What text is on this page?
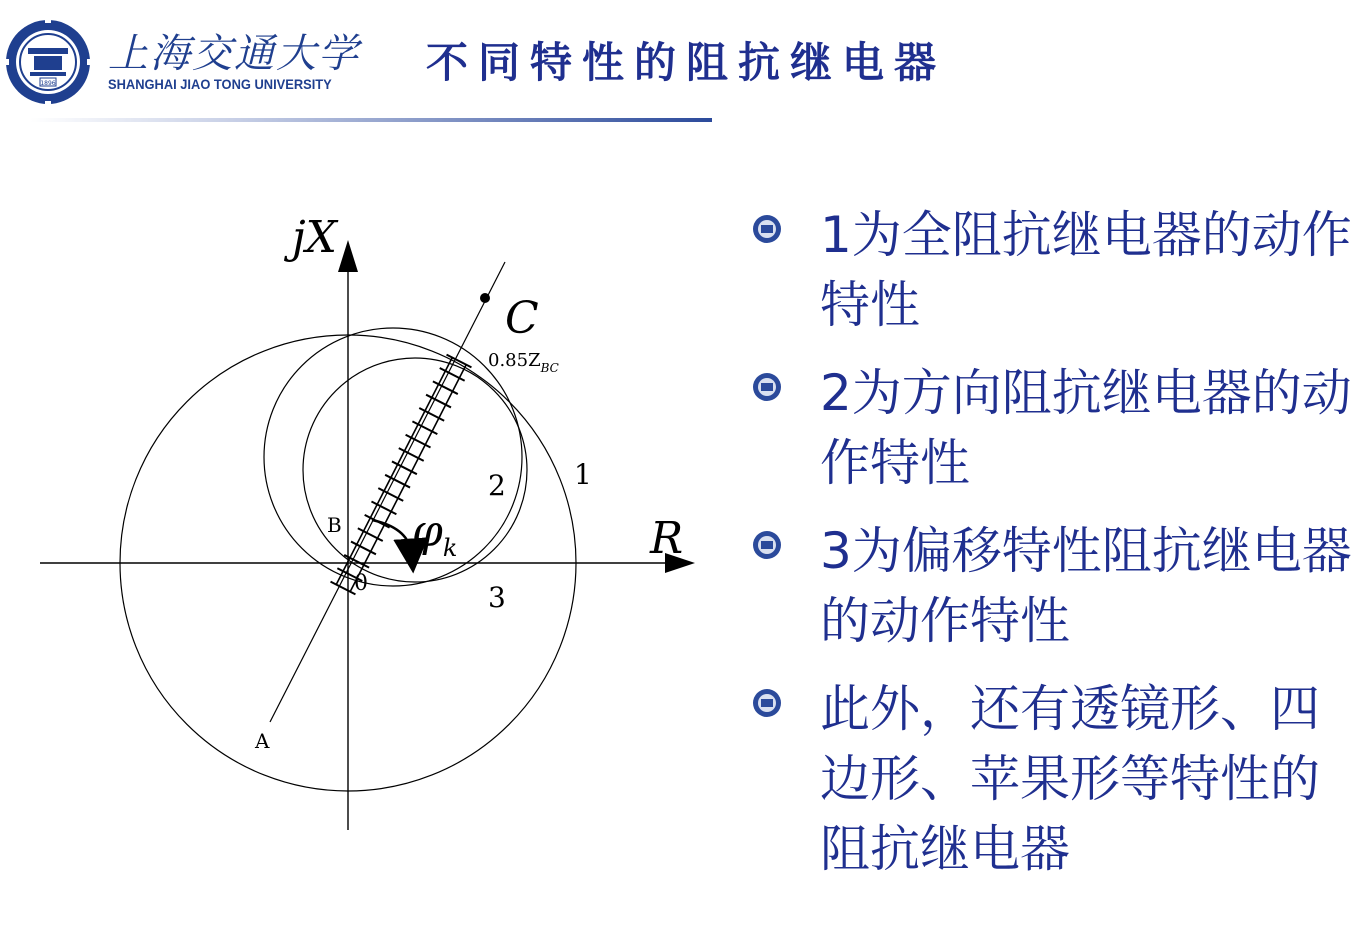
1896
上海交通大学
SHANGHAI JIAO TONG UNIVERSITY 不同特性的阻抗继电器
jX
R
C
$0.85Z_{BC}$
B
A
0
$\varphi_k$
1
2
3
1为全阻抗继电器的动作特性
2为方向阻抗继电器的动作特性
3为偏移特性阻抗继电器的动作特性
此外，还有透镜形、四边形、苹果形等特性的阻抗继电器
